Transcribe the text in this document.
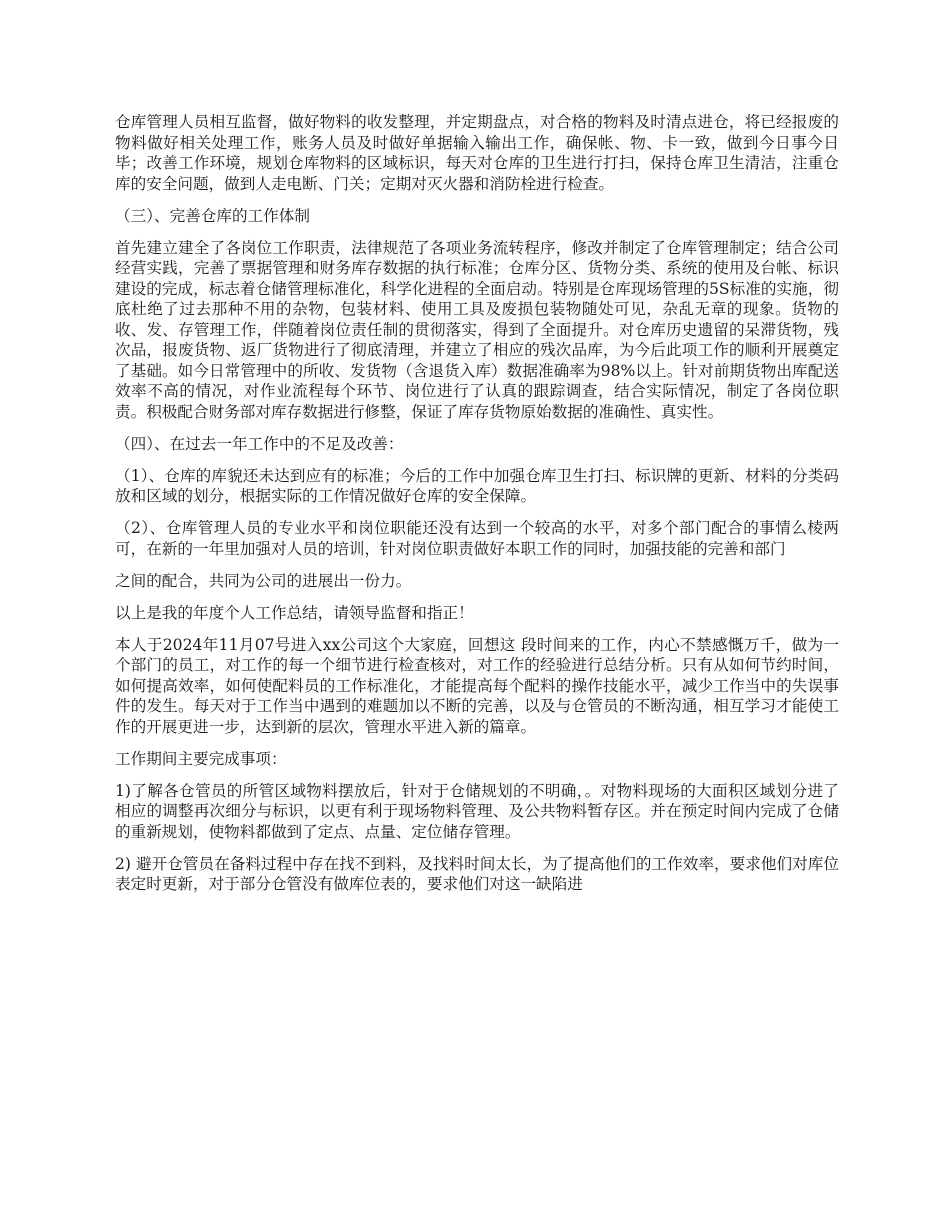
仓库管理人员相互监督，做好物料的收发整理，并定期盘点，对合格的物料及时清点进仓，将已经报废的物料做好相关处理工作，账务人员及时做好单据输入输出工作，确保帐、物、卡一致，做到今日事今日毕；改善工作环境，规划仓库物料的区域标识，每天对仓库的卫生进行打扫，保持仓库卫生清洁，注重仓库的安全问题，做到人走电断、门关；定期对灭火器和消防栓进行检查。

（三）、完善仓库的工作体制

首先建立建全了各岗位工作职责，法律规范了各项业务流转程序，修改并制定了仓库管理制定；结合公司经营实践，完善了票据管理和财务库存数据的执行标准；仓库分区、货物分类、系统的使用及台帐、标识建设的完成，标志着仓储管理标准化，科学化进程的全面启动。特别是仓库现场管理的5S标准的实施，彻底杜绝了过去那种不用的杂物，包装材料、使用工具及废损包装物随处可见，杂乱无章的现象。货物的收、发、存管理工作，伴随着岗位责任制的贯彻落实，得到了全面提升。对仓库历史遗留的呆滞货物，残次品，报废货物、返厂货物进行了彻底清理，并建立了相应的残次品库，为今后此项工作的顺利开展奠定了基础。如今日常管理中的所收、发货物（含退货入库）数据准确率为98%以上。针对前期货物出库配送效率不高的情况，对作业流程每个环节、岗位进行了认真的跟踪调查，结合实际情况，制定了各岗位职责。积极配合财务部对库存数据进行修整，保证了库存货物原始数据的准确性、真实性。

（四）、在过去一年工作中的不足及改善：

（1）、仓库的库貌还未达到应有的标准；今后的工作中加强仓库卫生打扫、标识牌的更新、材料的分类码放和区域的划分，根据实际的工作情况做好仓库的安全保障。

（2）、仓库管理人员的专业水平和岗位职能还没有达到一个较高的水平，对多个部门配合的事情么棱两可，在新的一年里加强对人员的培训，针对岗位职责做好本职工作的同时，加强技能的完善和部门

之间的配合，共同为公司的进展出一份力。

以上是我的年度个人工作总结，请领导监督和指正！

本人于2024年11月07号进入xx公司这个大家庭，回想这 段时间来的工作，内心不禁感慨万千，做为一个部门的员工，对工作的每一个细节进行检查核对，对工作的经验进行总结分析。只有从如何节约时间，如何提高效率，如何使配料员的工作标准化，才能提高每个配料的操作技能水平，减少工作当中的失误事件的发生。每天对于工作当中遇到的难题加以不断的完善，以及与仓管员的不断沟通，相互学习才能使工作的开展更进一步，达到新的层次，管理水平进入新的篇章。

工作期间主要完成事项：

1)了解各仓管员的所管区域物料摆放后，针对于仓储规划的不明确，。对物料现场的大面积区域划分进了相应的调整再次细分与标识，以更有利于现场物料管理、及公共物料暂存区。并在预定时间内完成了仓储的重新规划，使物料都做到了定点、点量、定位储存管理。

2) 避开仓管员在备料过程中存在找不到料，及找料时间太长，为了提高他们的工作效率，要求他们对库位表定时更新，对于部分仓管没有做库位表的，要求他们对这一缺陷进
